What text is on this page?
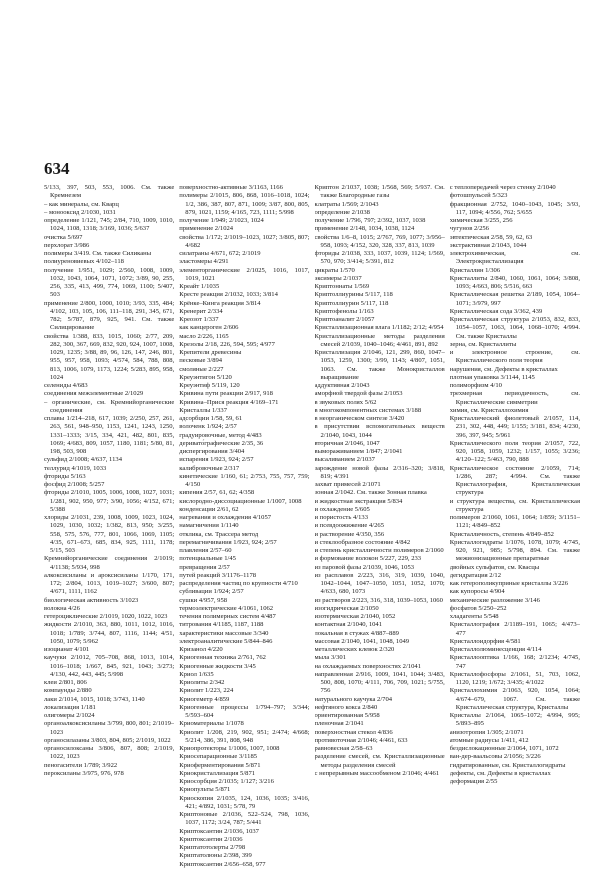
634
5/133, 397, 503, 553, 1006. См. также Кремнезем
– как минералы, см. Кварц
– монооксид 2/1030, 1031
определение 1/121, 745; 2/84, 710, 1009, 1010, 1024, 1108, 1318; 3/169, 1036; 5/637
очистка 5/697
перхлорат 3/986
полимеры 3/419. См. также Силиканы
полиуреновиевых 4/102–118
получение 1/951, 1029; 2/560, 1008, 1009, 1032, 1043, 1064, 1071, 1072; 3/89, 90, 255, 256, 335, 413, 499, 774, 1069, 1100; 5/407, 503
применение 2/800, 1000, 1010; 3/93, 335, 484; 4/102, 103, 105, 106, 111–118, 291, 345, 671, 782; 5/787, 879, 925, 941. См. также Силицирование
свойства 1/388, 833, 1015, 1060; 2/77, 209, 282, 300, 367, 669, 832, 920, 924, 1007, 1008, 1029, 1235; 3/88, 89, 96, 126, 147, 246, 801, 955, 957, 958, 1093; 4/574, 584, 788, 808, 813, 1006, 1079, 1173, 1224; 5/283, 895, 958, 1024
селениды 4/683
соединения межэлементные 2/1029
– органические, см. Кремнийорганические соединения
сплавы 1/214–218, 617, 1039; 2/250, 257, 261, 263, 561, 948–950, 1153, 1241, 1243, 1250, 1331–1333; 3/15, 334, 421, 482, 801, 835, 1069; 4/683, 809, 1057, 1180, 1181; 5/80, 81, 198, 503, 908
сульфид 2/1008; 4/637, 1134
теллурид 4/1019, 1033
фториды 5/163
фосфид 2/1008; 5/257
фториды 2/1010, 1005, 1006, 1008, 1027, 1031; 1/281, 902, 950, 977; 3/90, 1056; 4/152, 671; 5/388
хлориды 2/1031, 239, 1008, 1009, 1023, 1024, 1029, 1030, 1032; 1/382, 813, 950; 3/255, 558, 575, 576, 777, 801, 1066, 1069, 1105; 4/35, 671–673, 685, 834, 925, 1111, 1178; 5/15, 503
Кремнийорганические соединения 2/1019; 4/1138; 5/934, 998
алкоксисиланы и ароксисиланы 1/170, 171, 172; 2/804, 1013, 1019–1027; 3/600, 807; 4/671, 1111, 1162
биологическая активность 3/1023
волокна 4/26
гетероциклические 2/1019, 1020, 1022, 1023
жидкости 2/1010, 363, 880, 1011, 1012, 1016, 1018; 1/789; 3/744, 807, 1116, 1144; 4/51, 1050, 1079; 5/962
изоцианат 4/101
каучуки 2/1012, 705–708, 868, 1013, 1014, 1016–1018; 1/667, 845, 921, 1043; 3/273; 4/130, 442, 443, 445; 5/998
клеи 2/801, 806
компаунды 2/880
лаки 2/1014, 1015, 1018; 3/743, 1140
локализация 1/181
олигомеры 2/1024
органоалкоксисиланы 3/799, 800, 801; 2/1019–1023
органосилазаны 3/803, 804, 805; 2/1019, 1022
органосилоксаны 3/806, 807, 808; 2/1019, 1022, 1023
пеногасители 1/789; 3/922
пероксиланы 3/975, 976, 978
поверхностно-активные 3/1163, 1166
полимеры 2/1015, 806, 868, 1016–1018, 1024; 1/2, 386, 387, 807, 871, 1009; 3/87, 800, 805, 879, 1021, 1159; 4/165, 723, 1111; 5/998
получение 1/949; 2/1023, 1024
применение 2/1024
свойства 1/172; 2/1019–1023, 1027; 3/805, 807; 4/682
силатраны 4/671, 672; 2/1019
эластомеры 4/291
элементорганические 2/1025, 1016, 1017, 1019, 1021
Креайт 1/1035
Кресте реакция 2/1032, 1033; 3/814
Крёнке–Кинга реакция 3/814
Кренерит 2/334
Креозот 1/337
как канцероген 2/606
масло 2/226, 1165
Крезолы 2/18, 226, 594, 595; 4/977
Крепители древесины
песковые 3/894
смоляные 2/227
Креуэнтигон 5/120
Креуэнтиф 5/119, 120
Кривина пути реакции 2/917, 918
Кривина–Прися реакция 4/169–171
Кристаллы 1/337
адсорбции 1/58, 59, 61
волоченк 1/924; 2/57
градуировочные, метод 4/483
деривато́графические 2/35, 36
диспергирования 3/404
испарения 1/923, 924; 2/57
калибровочные 2/317
кинетические 1/160, 61; 2/753, 755, 757, 759; 4/150
кипения 2/57, 61, 62; 4/358
кислородно-диссоциационные 1/1007, 1008
конденсации 2/61, 62
нагревания и охлаждения 4/1057
намагничения 1/1140
отклика, см. Трассера метод
перемагничивания 1/923, 924; 2/57
плавления 2/57–60
потенциальные 1/45
превращения 2/57
путей реакций 3/1176–1178
распределения частиц по крупности 4/710
субливации 1/924; 2/57
сушки 4/957, 958
термоэлектрические 4/1061, 1062
течения полимерных систем 4/487
титрования 4/1185, 1187, 1188
характеристики массовые 3/340
электроаналитические 5/844–846
Кризанол 4/220
Криогенная техника 2/761, 762
Криогенные жидкости 3/45
Криол 1/635
Криолиты 2/342
Криолит 1/223, 224
Криогеметр 4/859
Криогенные процессы 1/794–797; 3/344; 5/593–604
Криоматериалы 1/1078
Криолит 1/208, 219, 902, 951; 2/474; 4/668; 5/214, 386, 391, 808, 948
Криопротекторы 1/1006, 1007, 1008
Криосепарационные 3/1185
Криоферментирования 5/871
Криокристаллизация 5/871
Криосорбция 2/1035; 1/127; 3/216
Криопульты 5/871
Криоскопия 2/1035, 124, 1036, 1035; 3/416, 421; 4/892, 1031; 5/78, 79
Криптоновые 2/1036, 522–524, 798, 1036, 1037, 1172; 3/24, 787; 5/441
Криптоксантин 2/1036, 1037
Криптоксантин 2/1036
Криптатотолерты 2/798
Криптатолюны 2/398, 399
Криптоксантин 2/656–658, 977
Криптон 2/1037, 1038; 1/568, 569; 5/937. См. также Благородные газы
клатраты 1/569; 2/1043
определение 2/1038
получение 1/796, 797; 2/392, 1037, 1038
применение 2/148, 1034, 1038, 1124
свойства 1/6–8, 1015; 2/767, 769, 1077; 3/956–958, 1093; 4/152, 320, 328, 337, 813, 1039
фториды 2/1038, 333, 1037, 1039, 1124; 1/569, 570, 970; 3/414; 5/391, 812
цикраты 1/570
эксимеры 2/1037
Криптоннаты 1/569
Криптоллиурины 5/117, 118
Криптоллиурин 5/117, 118
Криптофенолы 1/163
Криптоаналит 2/1057
Кристаллизационная влага 1/1182; 2/12; 4/954
Кристаллизационные методы разделения смесей 2/1039, 1040–1046; 4/461, 891, 892
Кристаллизация 2/1046, 121, 299, 860, 1047–1053, 1259, 1300; 3/99, 1143; 4/807, 1051, 1063. См. также Монокристаллов выращивание
аддуктивная 2/1043
аморфной твердой фазы 2/1053
в звуковых полях 5/62
в многокомпонентных системах 3/188
в неорганическом синтезе 3/420
в присутствии вспомогательных веществ 2/1040, 1043, 1044
вторичная 2/1046, 1047
вымораживанием 1/847; 2/1041
высаливанием 2/1037
зарождение новой фазы 2/316–320; 3/818, 819; 4/391
захват примесей 2/1071
зонная 2/1042. См. также Зонная плавка
и жидкостная экстракция 5/834
и охлаждение 5/605
и пористость 4/133
и псевдоожижение 4/265
и растворение 4/350, 356
и стеклообразное состояние 4/842
и степень кристалличности полимеров 2/1060
и формование волокон 5/227, 229, 233
из паровой фазы 2/1039, 1046, 1053
из расплавов 2/223, 316, 319, 1039, 1040, 1042–1044, 1047–1050, 1051, 1052, 1070; 4/633, 680, 1073
из растворов 2/223, 316, 318, 1039–1053, 1060
изогидрическая 2/1050
изотермическая 2/1040, 1052
контактная 2/1040, 1041
локальная в стужах 4/887–889
массовая 2/1040, 1041, 1048, 1049
металлических клевок 2/320
мыла 3/301
на охлаждаемых поверхностях 2/1041
направленная 2/916, 1009, 1041, 1044; 3/483, 500, 808, 1070; 4/111, 706, 709, 1021; 5/755, 756
натурального каучука 2/704
нефтяного кокса 2/840
ориентированная 5/958
пленочная 2/1041
поверхностная стекол 4/836
противоточная 2/1046; 4/461, 633
равновесная 2/58–63
разделение смесей, см. Кристаллизационные методы разделения смесей
с непрерывным массообменом 2/1046; 4/461
с теплопередачей через стенку 2/1040
фотошпульсей 5/323
фракционная 2/752, 1040–1043, 1045; 3/93, 117, 1094; 4/556, 762; 5/655
химическая 3/255, 256
чугунов 2/256
эвтектическая 2/58, 59, 62, 63
экстрактивная 2/1043, 1044
электрохимическая, см. Электрокристаллизация
Кристаллин 1/306
Кристаллиты 2/840, 1060, 1061, 1064; 3/808, 1093; 4/663, 806; 5/516, 663
Кристаллическая решетка 2/189, 1054, 1064–1071; 3/979, 997
Кристаллическая сода 3/362, 439
Кристаллическая структура 2/1053, 832, 833, 1054–1057, 1063, 1064, 1068–1070; 4/994. См. также Кристаллы
зерна, см. Кристаллиты
и электронное строение, см. Кристаллического поля теория
нарушения, см. Дефекты в кристаллах
плотная упаковка 3/1144, 1145
полиморфизм 4/10
трехмерная периодичность, см. Кристаллические симметрии
химия, см. Кристаллохимия
Кристаллический фиолетовый 2/1057, 114, 231, 302, 448, 449; 1/155; 3/181, 834; 4/230, 396, 397, 945; 5/961
Кристаллического поля теория 2/1057, 722, 920, 1058, 1059, 1232; 1/157, 1055; 3/236; 4/120–122; 5/463, 790, 888
Кристаллическое состояние 2/1059, 714; 1/286, 287; 4/994. См. также Кристаллография, Кристаллическая структура
и структура вещества, см. Кристаллическая структура
полимеров 2/1060, 1061, 1064; 1/859; 3/1151–1121; 4/849–852
Кристалличность, степень 4/849–852
Кристаллогидраты 1/1076, 1078, 1079; 4/745, 920, 921, 985; 5/798, 894. См. также межионизационные препаратные
двойных сульфатов, см. Квасцы
дегидратация 2/12
как гетерополикуприные кристаллы 3/226
как купоросы 4/904
механические разложение 3/146
фосфатов 5/250–252
хладагенты 5/548
Кристаллография 2/1189–191, 1065; 4/473–477
Кристаллоидорфия 4/581
Кристаллолюминесценция 4/114
Кристаллооптика 1/166, 168; 2/1234; 4/745, 747
Кристаллофосфоры 2/1061, 51, 703, 1062, 1120, 1219; 1/672; 3/435; 4/1022
Кристаллохимия 2/1063, 920, 1054, 1064; 4/674–679, 1067. См. также Кристаллическая структура, Кристаллы
Кристаллы 2/1064, 1065–1072; 4/994, 995; 5/893–895
анизотропия 1/305; 2/1071
атомные радиусы 1/411, 412
бездислокационные 2/1064, 1071, 1072
ван-дер-ваальсовы 2/1056; 3/226
гидратированные, см. Кристаллогидраты
дефекты, см. Дефекты в кристаллах
деформация 2/55
